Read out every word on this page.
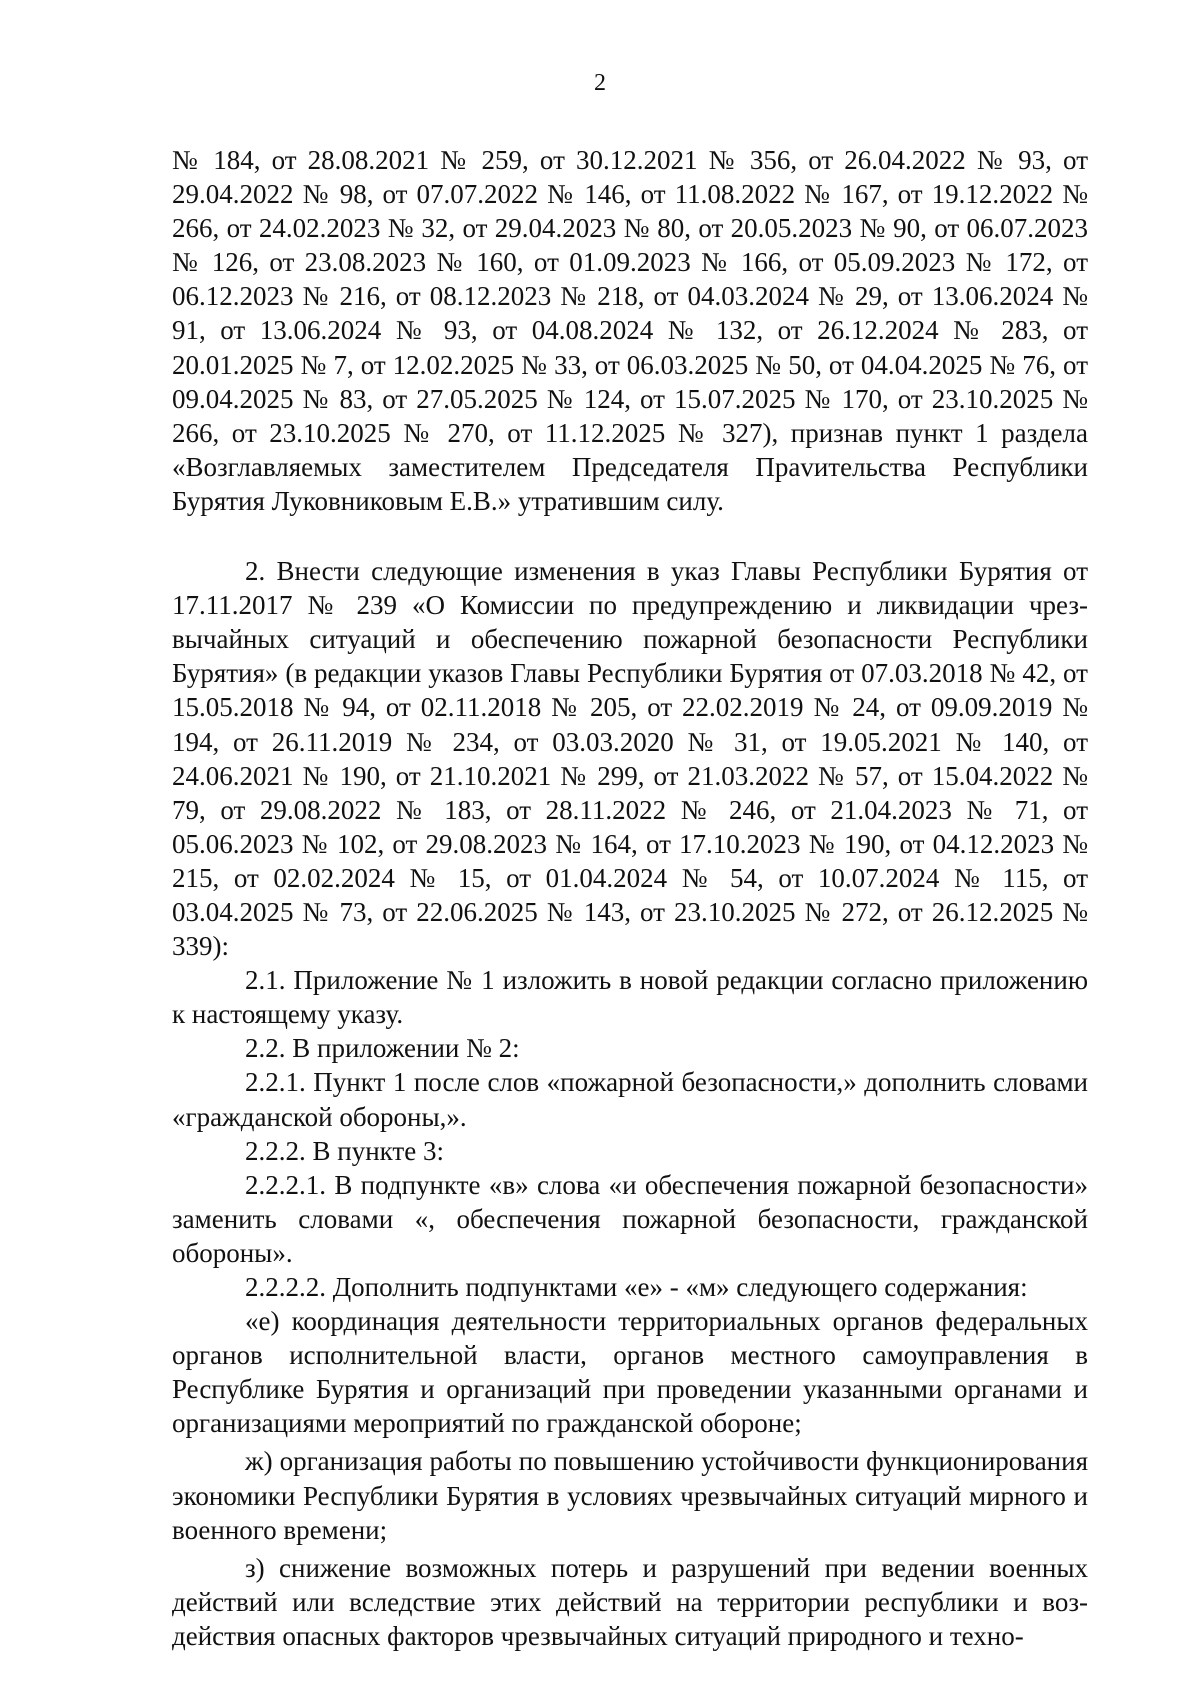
2

№ 184, от 28.08.2021 № 259, от 30.12.2021 № 356, от 26.04.2022 № 93, от 29.04.2022 № 98, от 07.07.2022 № 146, от 11.08.2022 № 167, от 19.12.2022 № 266, от 24.02.2023 № 32, от 29.04.2023 № 80, от 20.05.2023 № 90, от 06.07.2023 № 126, от 23.08.2023 № 160, от 01.09.2023 № 166, от 05.09.2023 № 172, от 06.12.2023 № 216, от 08.12.2023 № 218, от 04.03.2024 № 29, от 13.06.2024 № 91, от 13.06.2024 № 93, от 04.08.2024 № 132, от 26.12.2024 № 283, от 20.01.2025 № 7, от 12.02.2025 № 33, от 06.03.2025 № 50, от 04.04.2025 № 76, от 09.04.2025 № 83, от 27.05.2025 № 124, от 15.07.2025 № 170, от 23.10.2025 № 266, от 23.10.2025 № 270, от 11.12.2025 № 327), признав пункт 1 раздела «Возглавляемых заместителем Председателя Праvительства Республики Бурятия Луковниковым Е.В.» утратившим силу.

2. Внести следующие изменения в указ Главы Республики Бурятия от 17.11.2017 № 239 «О Комиссии по предупреждению и ликвидации чрезвычайных ситуаций и обеспечению пожарной безопасности Республики Бурятия» (в редакции указов Главы Республики Бурятия от 07.03.2018 № 42, от 15.05.2018 № 94, от 02.11.2018 № 205, от 22.02.2019 № 24, от 09.09.2019 № 194, от 26.11.2019 № 234, от 03.03.2020 № 31, от 19.05.2021 № 140, от 24.06.2021 № 190, от 21.10.2021 № 299, от 21.03.2022 № 57, от 15.04.2022 № 79, от 29.08.2022 № 183, от 28.11.2022 № 246, от 21.04.2023 № 71, от 05.06.2023 № 102, от 29.08.2023 № 164, от 17.10.2023 № 190, от 04.12.2023 № 215, от 02.02.2024 № 15, от 01.04.2024 № 54, от 10.07.2024 № 115, от 03.04.2025 № 73, от 22.06.2025 № 143, от 23.10.2025 № 272, от 26.12.2025 № 339):

2.1. Приложение № 1 изложить в новой редакции согласно приложению к настоящему указу.

2.2. В приложении № 2:

2.2.1. Пункт 1 после слов «пожарной безопасности,» дополнить словами «гражданской обороны,».

2.2.2. В пункте 3:

2.2.2.1. В подпункте «в» слова «и обеспечения пожарной безопасности» заменить словами «, обеспечения пожарной безопасности, гражданской обороны».

2.2.2.2. Дополнить подпунктами «е» - «м» следующего содержания:

«е) координация деятельности территориальных органов федеральных органов исполнительной власти, органов местного самоуправления в Республике Бурятия и организаций при проведении указанными органами и организациями мероприятий по гражданской обороне;

ж) организация работы по повышению устойчивости функционирования экономики Республики Бурятия в условиях чрезвычайных ситуаций мирного и военного времени;

з) снижение возможных потерь и разрушений при ведении военных действий или вследствие этих действий на территории республики и воздействия опасных факторов чрезвычайных ситуаций природного и техно-
